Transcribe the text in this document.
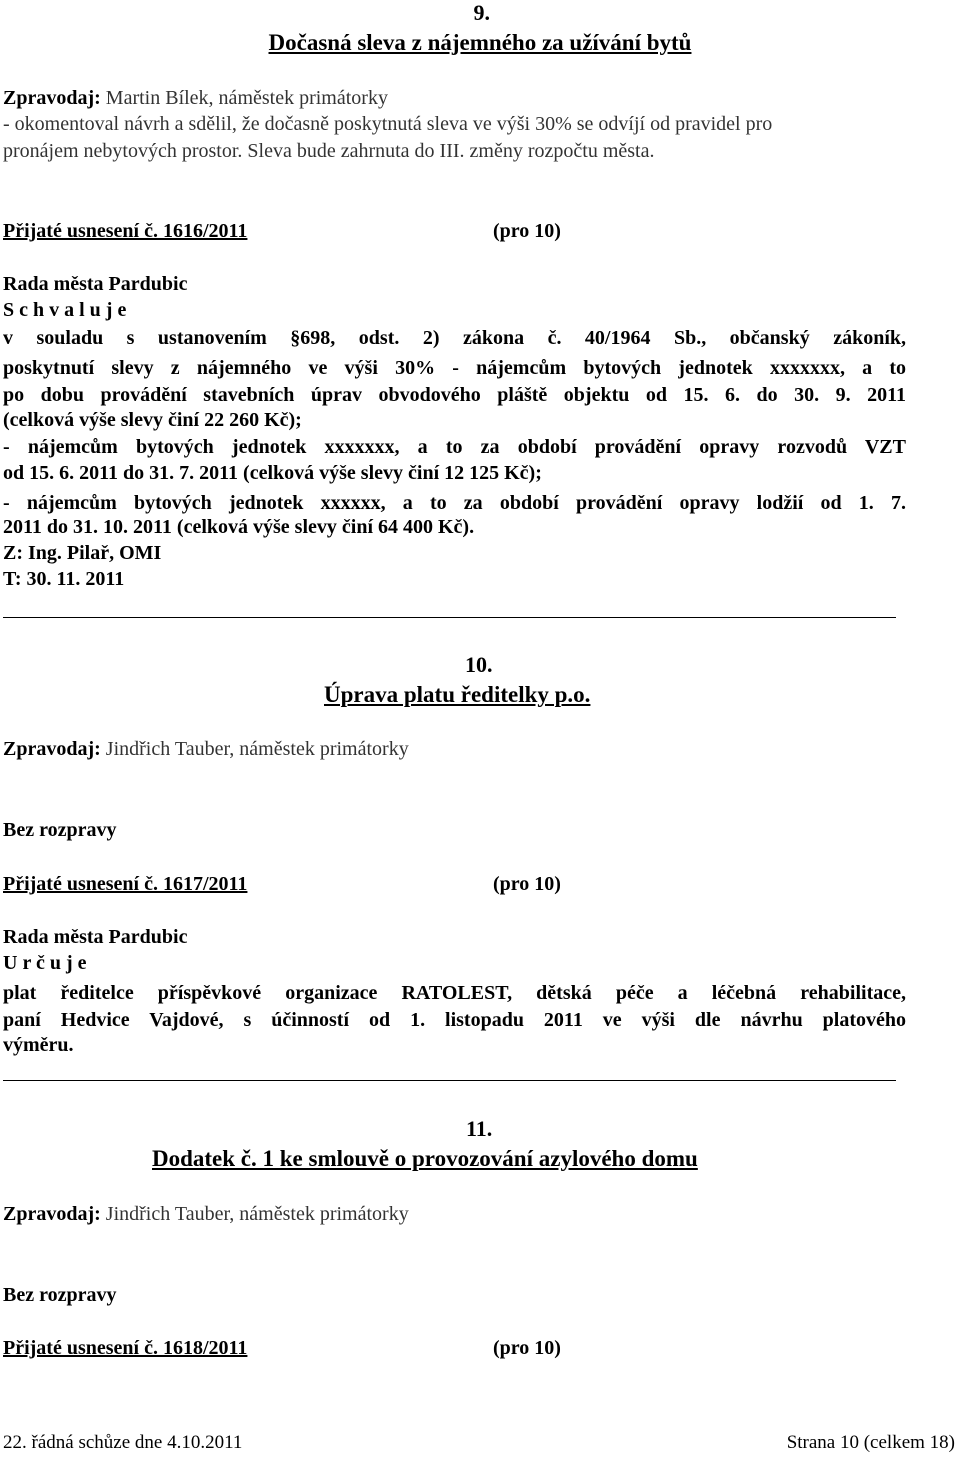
9.
Dočasná sleva z nájemného za užívání bytů
Zpravodaj: Martin Bílek, náměstek primátorky
- okomentoval návrh a sdělil, že dočasně poskytnutá sleva ve výši 30% se odvíjí od pravidel pro
pronájem nebytových prostor. Sleva bude zahrnuta do III. změny rozpočtu města.
Přijaté usnesení č. 1616/2011	(pro 10)
Rada města Pardubic
S c h v a l u j e
v souladu s ustanovením §698, odst. 2) zákona č. 40/1964 Sb., občanský zákoník,
poskytnutí slevy z nájemného ve výši 30% - nájemcům bytových jednotek xxxxxxx, a to
po dobu provádění stavebních úprav obvodového pláště objektu od 15. 6. do 30. 9. 2011
(celková výše slevy činí 22 260 Kč);
- nájemcům bytových jednotek xxxxxxx, a to za období provádění opravy rozvodů VZT
od 15. 6. 2011 do 31. 7. 2011 (celková výše slevy činí 12 125 Kč);
- nájemcům bytových jednotek xxxxxx, a to za období provádění opravy lodžií od 1. 7.
2011 do 31. 10. 2011 (celková výše slevy činí 64 400 Kč).
Z: Ing. Pilař, OMI
T: 30. 11. 2011
10.
Úprava platu ředitelky p.o.
Zpravodaj: Jindřich Tauber, náměstek primátorky
Bez rozpravy
Přijaté usnesení č. 1617/2011	(pro 10)
Rada města Pardubic
U r č u j e
plat ředitelce příspěvkové organizace RATOLEST, dětská péče a léčebná rehabilitace,
paní Hedvice Vajdové, s účinností od 1. listopadu 2011 ve výši dle návrhu platového
výměru.
11.
Dodatek č. 1 ke smlouvě o provozování azylového domu
Zpravodaj: Jindřich Tauber, náměstek primátorky
Bez rozpravy
Přijaté usnesení č. 1618/2011	(pro 10)
22. řádná schůze dne 4.10.2011	Strana 10 (celkem 18)
